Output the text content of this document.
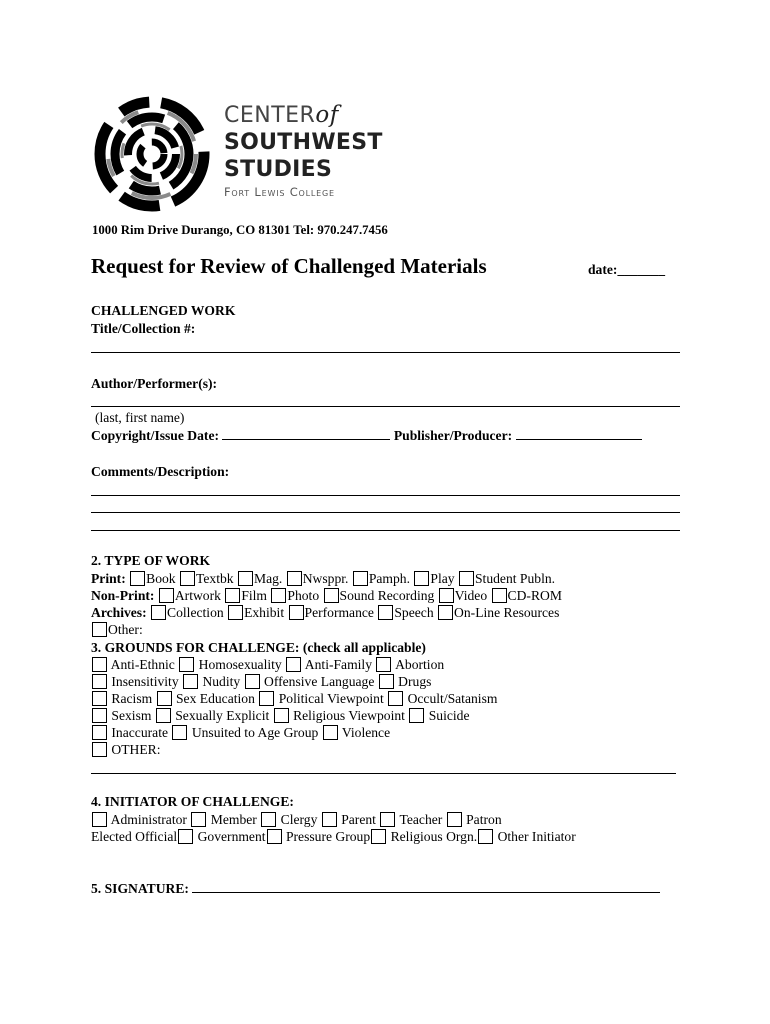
CENTERof
SOUTHWEST
STUDIES
Fort Lewis College
1000 Rim Drive Durango, CO 81301 Tel: 970.247.7456
Request for Review of Challenged Materials	date:_______
CHALLENGED WORK
Title/Collection #:
Author/Performer(s):
(last, first name)
Copyright/Issue Date:	Publisher/Producer:
Comments/Description:
2. TYPE OF WORK
Print: Book Textbk Mag. Nwsppr. Pamph. Play Student Publn.
Non-Print: Artwork Film Photo Sound Recording Video CD-ROM
Archives: Collection Exhibit Performance Speech On-Line Resources
Other:
3. GROUNDS FOR CHALLENGE: (check all applicable)
Anti-Ethnic Homosexuality Anti-Family Abortion
Insensitivity Nudity Offensive Language Drugs
Racism Sex Education Political Viewpoint Occult/Satanism
Sexism Sexually Explicit Religious Viewpoint Suicide
Inaccurate Unsuited to Age Group Violence
OTHER:
4. INITIATOR OF CHALLENGE:
Administrator Member Clergy Parent Teacher Patron
Elected Official Government Pressure Group Religious Orgn. Other Initiator
5. SIGNATURE:
